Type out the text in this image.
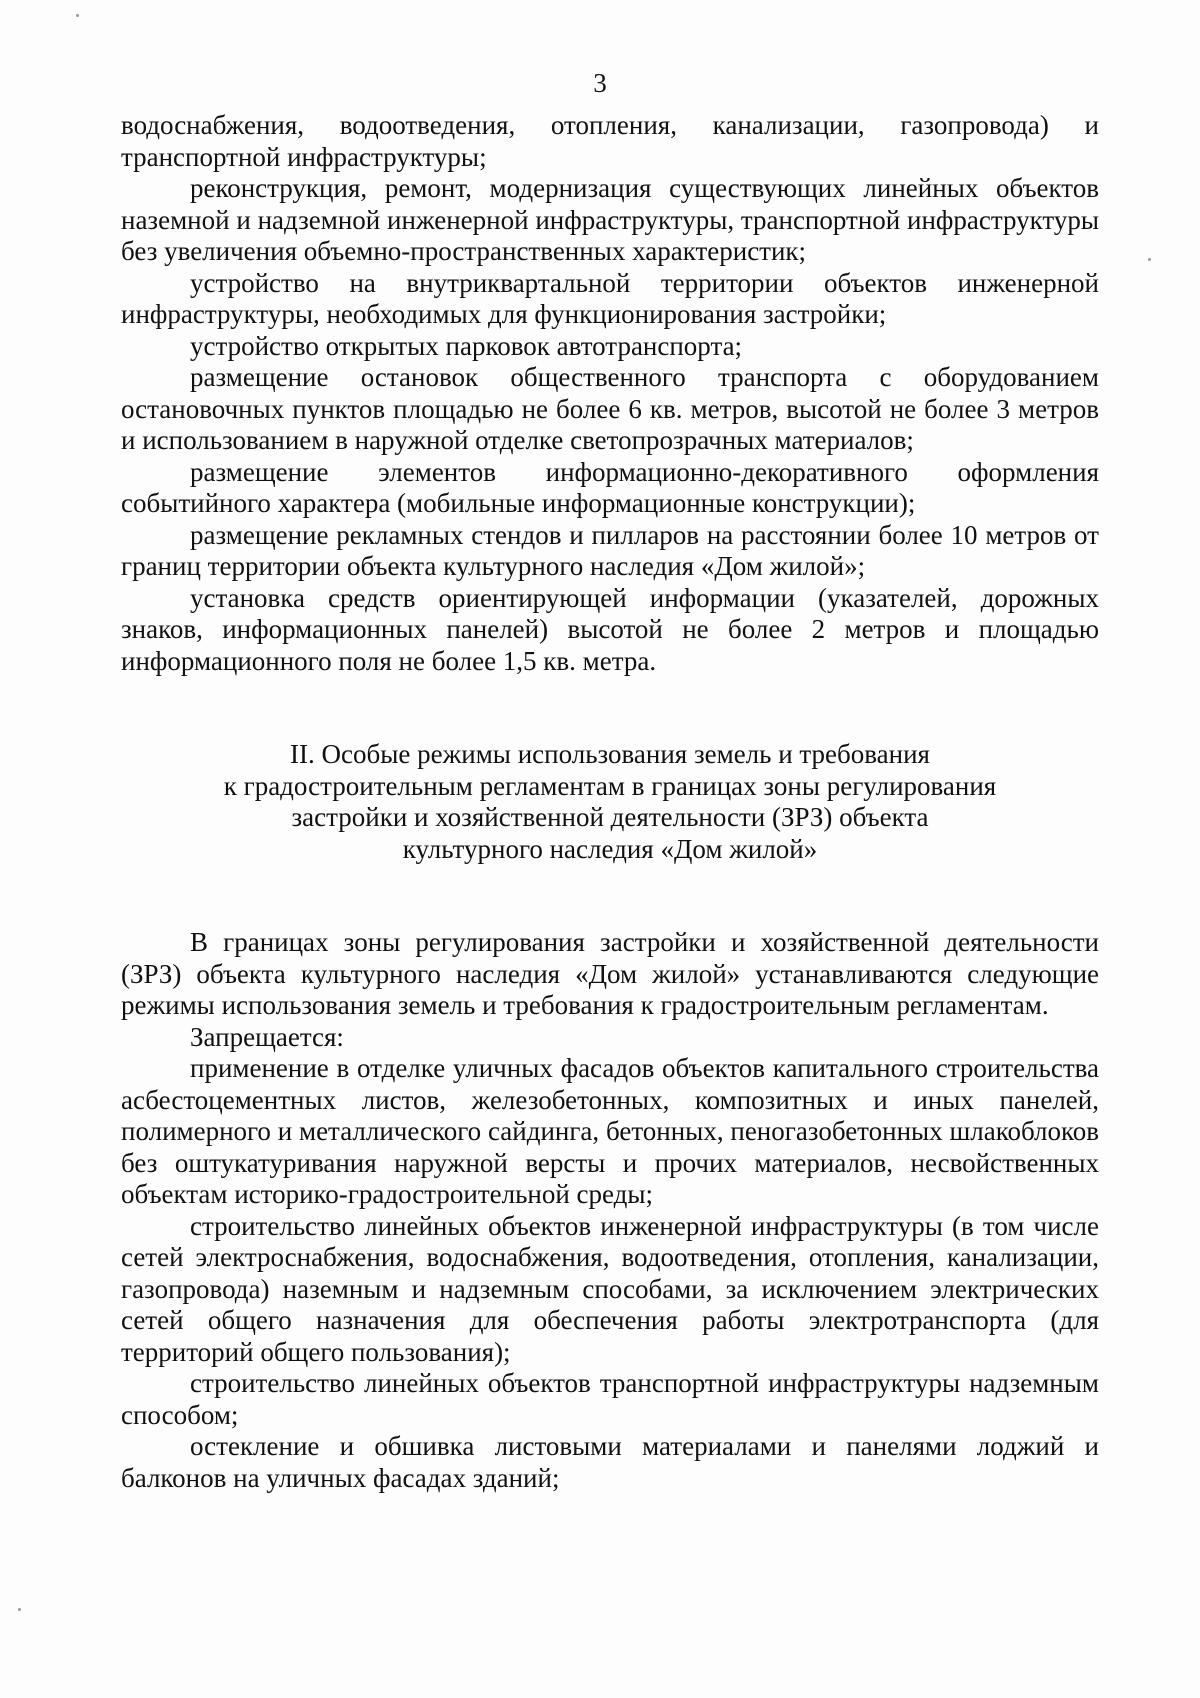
3

водоснабжения, водоотведения, отопления, канализации, газопровода) и транспортной инфраструктуры;

реконструкция, ремонт, модернизация существующих линейных объектов наземной и надземной инженерной инфраструктуры, транспортной инфраструктуры без увеличения объемно-пространственных характеристик;

устройство на внутриквартальной территории объектов инженерной инфраструктуры, необходимых для функционирования застройки;

устройство открытых парковок автотранспорта;

размещение остановок общественного транспорта с оборудованием остановочных пунктов площадью не более 6 кв. метров, высотой не более 3 метров и использованием в наружной отделке светопрозрачных материалов;

размещение элементов информационно-декоративного оформления событийного характера (мобильные информационные конструкции);

размещение рекламных стендов и пилларов на расстоянии более 10 метров от границ территории объекта культурного наследия «Дом жилой»;

установка средств ориентирующей информации (указателей, дорожных знаков, информационных панелей) высотой не более 2 метров и площадью информационного поля не более 1,5 кв. метра.

II. Особые режимы использования земель и требования
к градостроительным регламентам в границах зоны регулирования
застройки и хозяйственной деятельности (ЗРЗ) объекта
культурного наследия «Дом жилой»

В границах зоны регулирования застройки и хозяйственной деятельности (ЗРЗ) объекта культурного наследия «Дом жилой» устанавливаются следующие режимы использования земель и требования к градостроительным регламентам.

Запрещается:

применение в отделке уличных фасадов объектов капитального строительства асбестоцементных листов, железобетонных, композитных и иных панелей, полимерного и металлического сайдинга, бетонных, пеногазобетонных шлакоблоков без оштукатуривания наружной версты и прочих материалов, несвойственных объектам историко-градостроительной среды;

строительство линейных объектов инженерной инфраструктуры (в том числе сетей электроснабжения, водоснабжения, водоотведения, отопления, канализации, газопровода) наземным и надземным способами, за исключением электрических сетей общего назначения для обеспечения работы электротранспорта (для территорий общего пользования);

строительство линейных объектов транспортной инфраструктуры надземным способом;

остекление и обшивка листовыми материалами и панелями лоджий и балконов на уличных фасадах зданий;
